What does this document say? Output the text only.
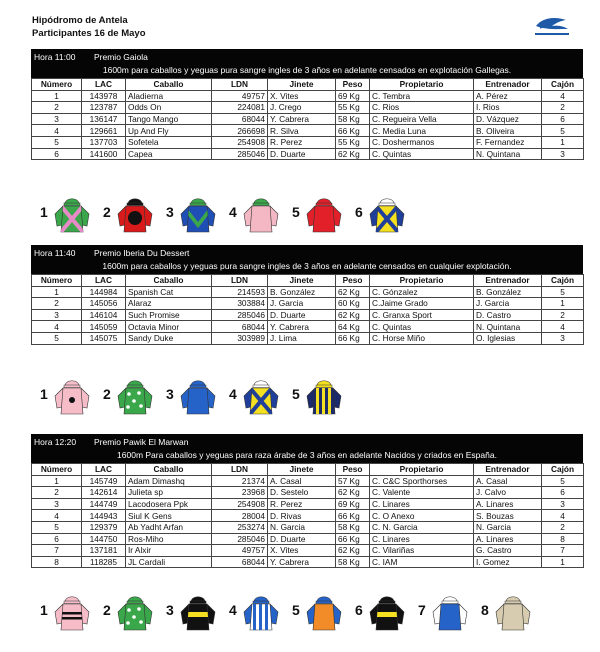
Hipódromo de Antela
Participantes 16 de Mayo
Hora 11:00 Premio Gaiola
1600m para caballos y yeguas pura sangre ingles de 3 años en adelante censados en explotación Gallegas.
Número	LAC	Caballo	LDN	Jinete	Peso	Propietario	Entrenador	Cajón
1	143978	Aladierna	49757	X. Vites	69 Kg	C. Tembra	A. Pérez	4
2	123787	Odds On	224081	J. Crego	55 Kg	C. Rios	I. Rios	2
3	136147	Tango Mango	68044	Y. Cabrera	58 Kg	C. Regueira Vella	D. Vázquez	6
4	129661	Up And Fly	266698	R. Silva	66 Kg	C. Media Luna	B. Oliveira	5
5	137703	Sofetela	254908	R. Perez	55 Kg	C. Doshermanos	F. Fernandez	1
6	141600	Capea	285046	D. Duarte	62 Kg	C. Quintas	N. Quintana	3
1	2	3	4	5	6
Hora 11:40 Premio Iberia Du Dessert
1600m para caballos y yeguas pura sangre ingles de 3 años en adelante censados en cualquier explotación.
Número	LAC	Caballo	LDN	Jinete	Peso	Propietario	Entrenador	Cajón
1	144984	Spanish Cat	214593	B. González	62 Kg	C. Gónzalez	B. González	5
2	145056	Alaraz	303884	J. Garcia	60 Kg	C.Jaime Grado	J. Garcia	1
3	146104	Such Promise	285046	D. Duarte	62 Kg	C. Granxa Sport	D. Castro	2
4	145059	Octavia Minor	68044	Y. Cabrera	64 Kg	C. Quintas	N. Quintana	4
5	145075	Sandy Duke	303989	J. Lima	66 Kg	C. Horse Miño	O. Iglesias	3
1	2	3	4	5
Hora 12:20 Premio Pawik El Marwan
1600m Para caballos y yeguas para raza árabe de 3 años en adelante Nacidos y criados en España.
Número	LAC	Caballo	LDN	Jinete	Peso	Propietario	Entrenador	Cajón
1	145749	Adam Dimashq	21374	A. Casal	57 Kg	C. C&C Sporthorses	A. Casal	5
2	142614	Julieta sp	23968	D. Sestelo	62 Kg	C. Valente	J. Calvo	6
3	144749	Lacodosera Ppk	254908	R. Perez	69 Kg	C. Linares	A. Linares	3
4	144943	Siul K Gens	28004	D. Rivas	66 Kg	C. O Anexo	S. Bouzas	4
5	129379	Ab Yadht Arfan	253274	N. Garcia	58 Kg	C. N. Garcia	N. Garcia	2
6	144750	Ros-Miho	285046	D. Duarte	66 Kg	C. Linares	A. Linares	8
7	137181	Ir Alxir	49757	X. Vites	62 Kg	C. Vilariñas	G. Castro	7
8	118285	JL Cardali	68044	Y. Cabrera	58 Kg	C. IAM	I. Gomez	1
1	2	3	4	5	6	7	8
